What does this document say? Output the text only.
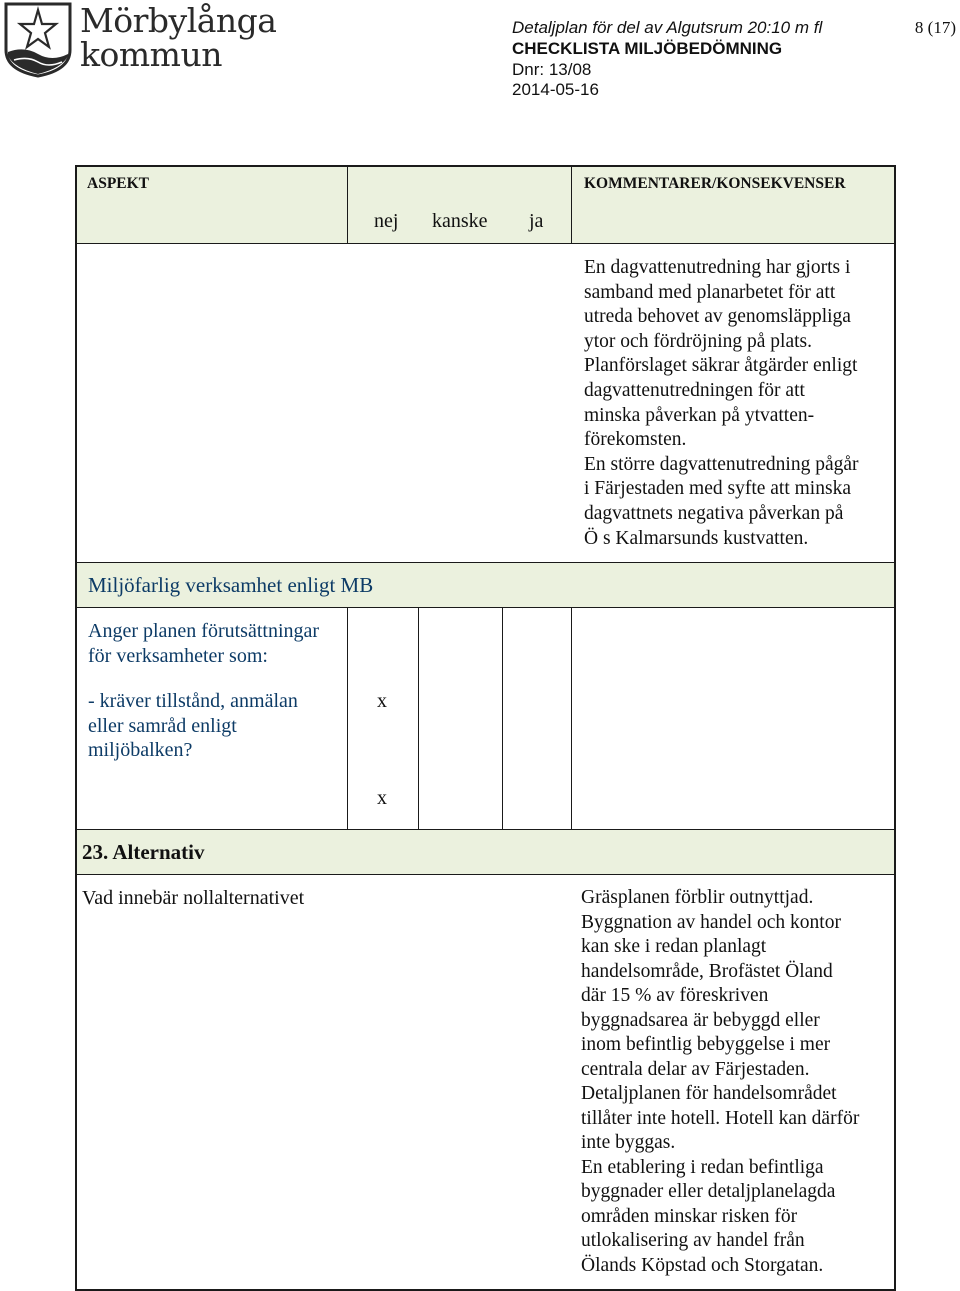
Mörbylånga
kommun
Detaljplan för del av Algutsrum 20:10 m fl
CHECKLISTA MILJÖBEDÖMNING
Dnr: 13/08
2014-05-16
8 (17)
ASPEKT	KOMMENTARER/KONSEKVENSER
nej kanske ja
En dagvattenutredning har gjorts i
samband med planarbetet för att
utreda behovet av genomsläppliga
ytor och fördröjning på plats.
Planförslaget säkrar åtgärder enligt
dagvattenutredningen för att
minska påverkan på ytvatten-
förekomsten.
En större dagvattenutredning pågår
i Färjestaden med syfte att minska
dagvattnets negativa påverkan på
Ö s Kalmarsunds kustvatten.
Miljöfarlig verksamhet enligt MB
Anger planen förutsättningar
för verksamheter som:
- kräver tillstånd, anmälan
eller samråd enligt
miljöbalken?
x
x
23. Alternativ
Vad innebär nollalternativet	Gräsplanen förblir outnyttjad.
Byggnation av handel och kontor
kan ske i redan planlagt
handelsområde, Brofästet Öland
där 15 % av föreskriven
byggnadsarea är bebyggd eller
inom befintlig bebyggelse i mer
centrala delar av Färjestaden.
Detaljplanen för handelsområdet
tillåter inte hotell. Hotell kan därför
inte byggas.
En etablering i redan befintliga
byggnader eller detaljplanelagda
områden minskar risken för
utlokalisering av handel från
Ölands Köpstad och Storgatan.
